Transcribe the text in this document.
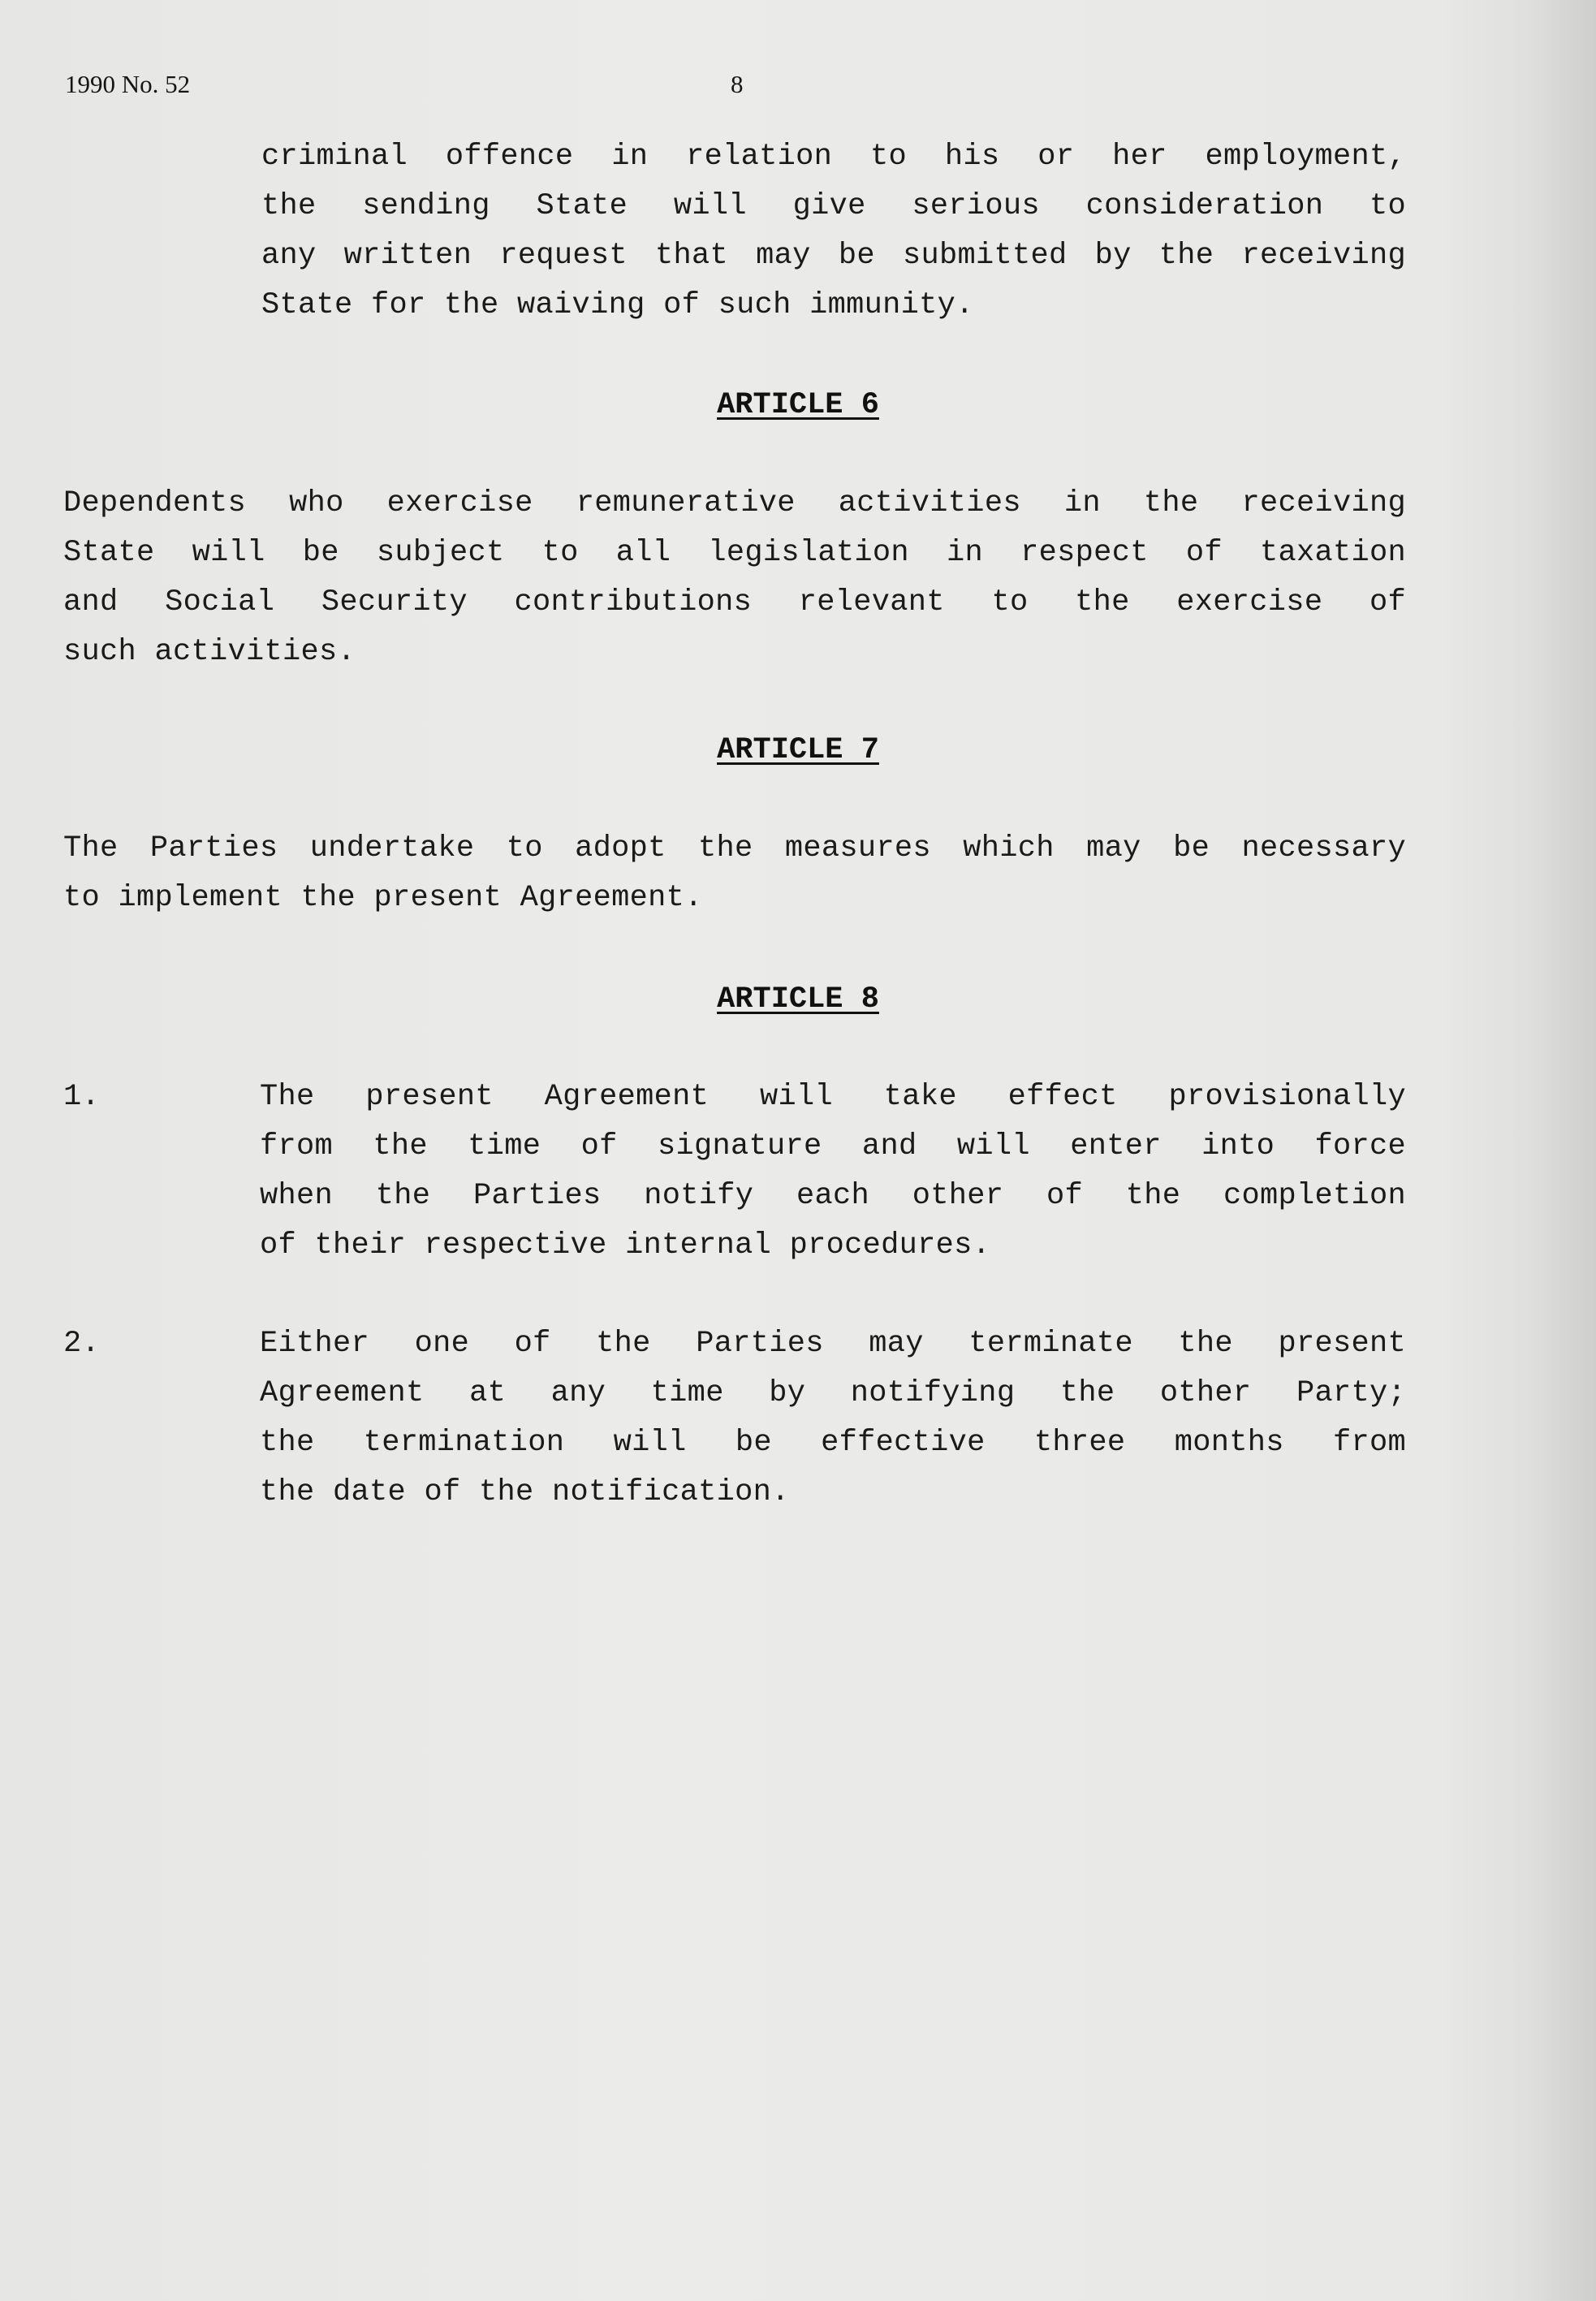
1990 No. 52	8
criminal offence in relation to his or her employment,
the sending State will give serious consideration to
any written request that may be submitted by the receiving
State for the waiving of such immunity.
ARTICLE 6
Dependents who exercise remunerative activities in the receiving
State will be subject to all legislation in respect of taxation
and Social Security contributions relevant to the exercise of
such activities.
ARTICLE 7
The Parties undertake to adopt the measures which may be necessary
to implement the present Agreement.
ARTICLE 8
1.	The present Agreement will take effect provisionally
from the time of signature and will enter into force
when the Parties notify each other of the completion
of their respective internal procedures.
2.	Either one of the Parties may terminate the present
Agreement at any time by notifying the other Party;
the termination will be effective three months from
the date of the notification.
